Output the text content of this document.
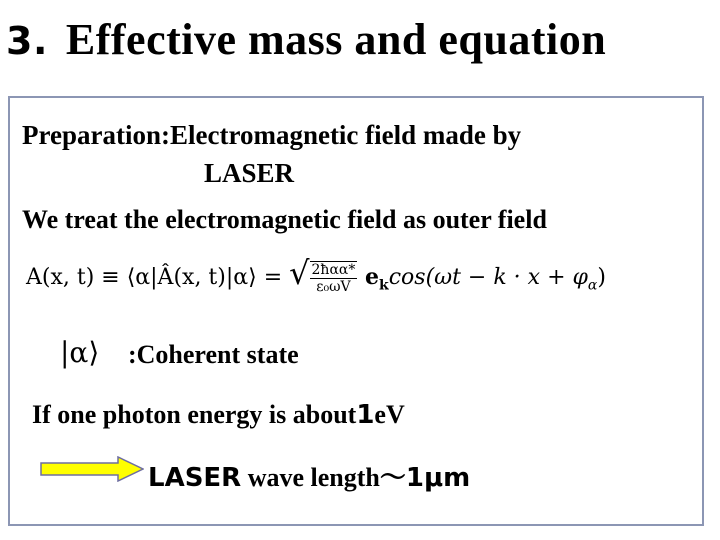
3. Effective mass and equation
Preparation:Electromagnetic field made by
LASER
We treat the electromagnetic field as outer field
A(x, t) ≡ ⟨α|Â(x, t)|α⟩ = √ $\frac{\text{2ħαα*}}{\text{ε₀ωV}} e_k\cos(\omega t - k \cdot x + \varphi_\alpha)$
|α⟩ :Coherent state
If one photon energy is about1eV
LASER wave length〜1μm
